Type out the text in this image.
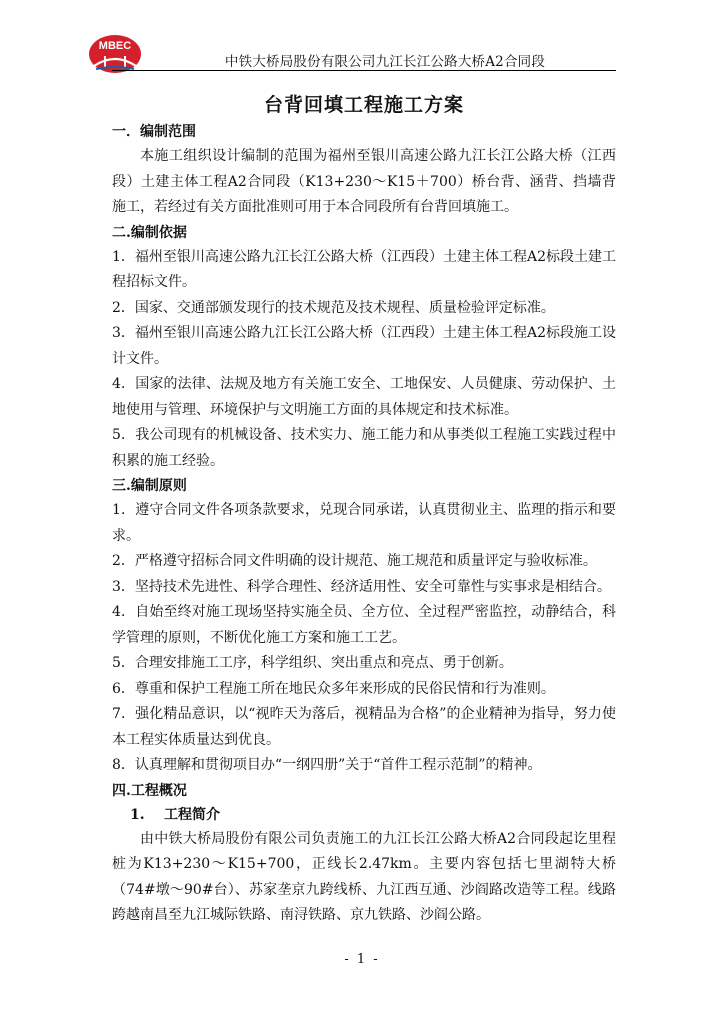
MBEC
中铁大桥局股份有限公司九江长江公路大桥A2合同段
台背回填工程施工方案

一．编制范围

本施工组织设计编制的范围为福州至银川高速公路九江长江公路大桥（江西段）土建主体工程A2合同段（K13+230～K15＋700）桥台背、涵背、挡墙背施工，若经过有关方面批准则可用于本合同段所有台背回填施工。

二.编制依据

1．福州至银川高速公路九江长江公路大桥（江西段）土建主体工程A2标段土建工程招标文件。

2．国家、交通部颁发现行的技术规范及技术规程、质量检验评定标准。

3．福州至银川高速公路九江长江公路大桥（江西段）土建主体工程A2标段施工设计文件。

4．国家的法律、法规及地方有关施工安全、工地保安、人员健康、劳动保护、土地使用与管理、环境保护与文明施工方面的具体规定和技术标准。

5．我公司现有的机械设备、技术实力、施工能力和从事类似工程施工实践过程中积累的施工经验。

三.编制原则

1．遵守合同文件各项条款要求，兑现合同承诺，认真贯彻业主、监理的指示和要求。

2．严格遵守招标合同文件明确的设计规范、施工规范和质量评定与验收标准。

3．坚持技术先进性、科学合理性、经济适用性、安全可靠性与实事求是相结合。

4．自始至终对施工现场坚持实施全员、全方位、全过程严密监控，动静结合，科学管理的原则，不断优化施工方案和施工工艺。

5．合理安排施工工序，科学组织、突出重点和亮点、勇于创新。

6．尊重和保护工程施工所在地民众多年来形成的民俗民情和行为准则。

7．强化精品意识，以“视昨天为落后，视精品为合格”的企业精神为指导，努力使本工程实体质量达到优良。

8．认真理解和贯彻项目办“一纲四册”关于“首件工程示范制”的精神。

四.工程概况

1. 工程简介

由中铁大桥局股份有限公司负责施工的九江长江公路大桥A2合同段起讫里程桩为K13+230～K15+700，正线长2.47km。主要内容包括七里湖特大桥（74#墩～90#台）、苏家垄京九跨线桥、九江西互通、沙阎路改造等工程。线路跨越南昌至九江城际铁路、南浔铁路、京九铁路、沙阎公路。

- 1 -
